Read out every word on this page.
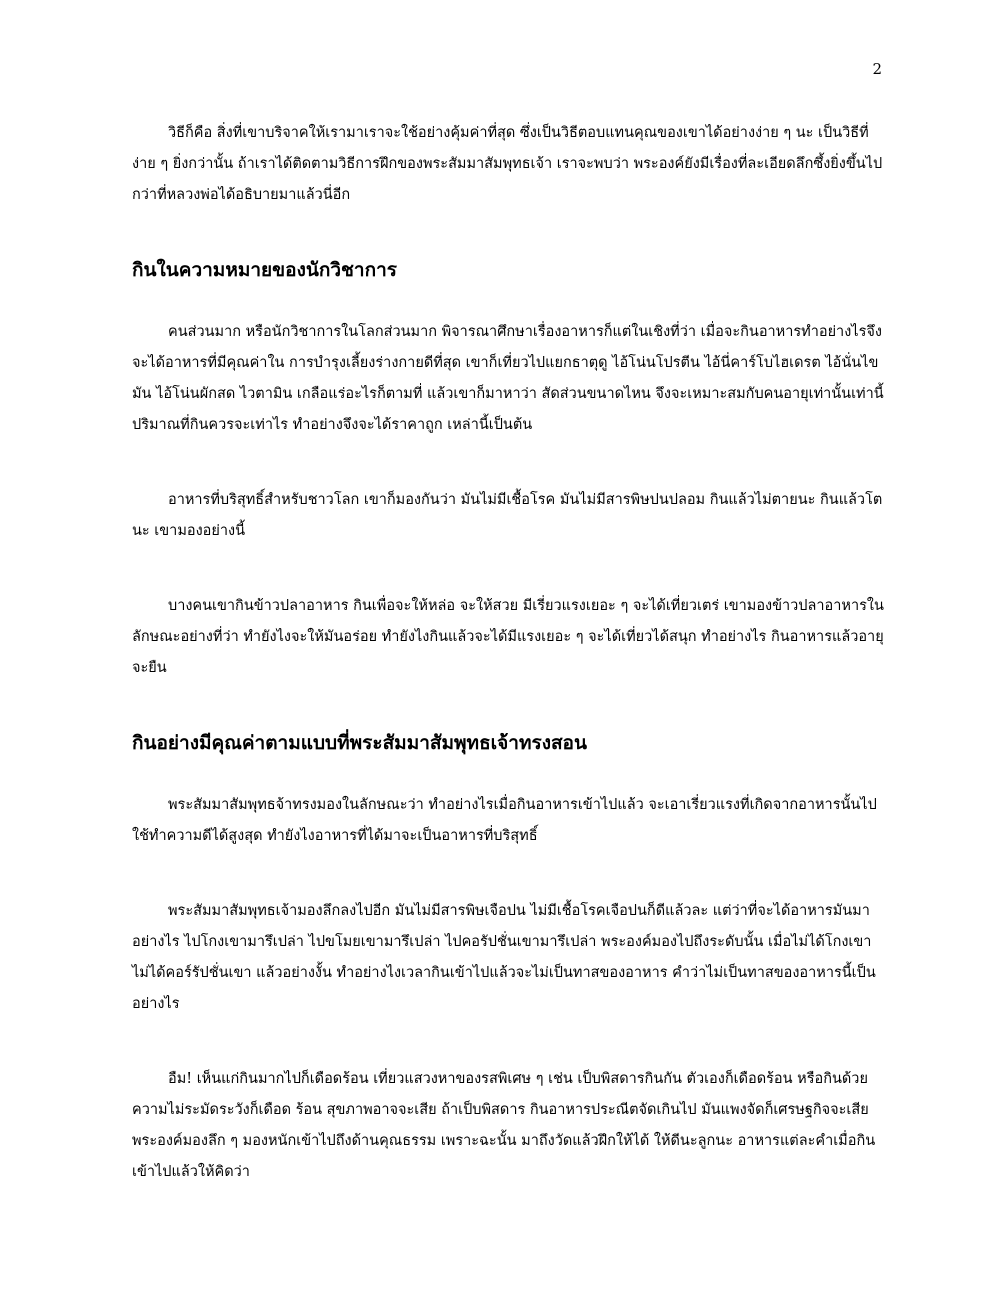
2

วิธีก็คือ สิ่งที่เขาบริจาคให้เรามาเราจะใช้อย่างคุ้มค่าที่สุด ซึ่งเป็นวิธีตอบแทนคุณของเขาได้อย่างง่าย ๆ นะ เป็นวิธีที่ง่าย ๆ ยิ่งกว่านั้น ถ้าเราได้ติดตามวิธีการฝึกของพระสัมมาสัมพุทธเจ้า เราจะพบว่า พระองค์ยังมีเรื่องที่ละเอียดลึกซึ้งยิ่งขึ้นไปกว่าที่หลวงพ่อได้อธิบายมาแล้วนี่อีก

กินในความหมายของนักวิชาการ

คนส่วนมาก หรือนักวิชาการในโลกส่วนมาก พิจารณาศึกษาเรื่องอาหารก็แต่ในเชิงที่ว่า เมื่อจะกินอาหารทำอย่างไรจึงจะได้อาหารที่มีคุณค่าใน การบำรุงเลี้ยงร่างกายดีที่สุด เขาก็เที่ยวไปแยกธาตุดู ไอ้โน่นโปรตีน ไอ้นี่คาร์โบไฮเดรต ไอ้นั่นไขมัน ไอ้โน่นผักสด ไวตามิน เกลือแร่อะไรก็ตามที่ แล้วเขาก็มาหาว่า สัดส่วนขนาดไหน จึงจะเหมาะสมกับคนอายุเท่านั้นเท่านี้ ปริมาณที่กินควรจะเท่าไร ทำอย่างจึงจะได้ราคาถูก เหล่านี้เป็นต้น

อาหารที่บริสุทธิ์สำหรับชาวโลก เขาก็มองกันว่า มันไม่มีเชื้อโรค มันไม่มีสารพิษปนปลอม กินแล้วไม่ตายนะ กินแล้วโตนะ เขามองอย่างนี้

บางคนเขากินข้าวปลาอาหาร กินเพื่อจะให้หล่อ จะให้สวย มีเรี่ยวแรงเยอะ ๆ จะได้เที่ยวเตร่ เขามองข้าวปลาอาหารในลักษณะอย่างที่ว่า ทำยังไงจะให้มันอร่อย ทำยังไงกินแล้วจะได้มีแรงเยอะ ๆ จะได้เที่ยวได้สนุก ทำอย่างไร กินอาหารแล้วอายุจะยืน

กินอย่างมีคุณค่าตามแบบที่พระสัมมาสัมพุทธเจ้าทรงสอน

พระสัมมาสัมพุทธจ้าทรงมองในลักษณะว่า ทำอย่างไรเมื่อกินอาหารเข้าไปแล้ว จะเอาเรี่ยวแรงที่เกิดจากอาหารนั้นไปใช้ทำความดีได้สูงสุด ทำยังไงอาหารที่ได้มาจะเป็นอาหารที่บริสุทธิ์

พระสัมมาสัมพุทธเจ้ามองลึกลงไปอีก มันไม่มีสารพิษเจือปน ไม่มีเชื้อโรคเจือปนก็ดีแล้วละ แต่ว่าที่จะได้อาหารมันมาอย่างไร ไปโกงเขามารึเปล่า ไปขโมยเขามารึเปล่า ไปคอรัปชั่นเขามารึเปล่า พระองค์มองไปถึงระดับนั้น เมื่อไม่ได้โกงเขา ไม่ได้คอร์รัปชั่นเขา แล้วอย่างงั้น ทำอย่างไงเวลากินเข้าไปแล้วจะไม่เป็นทาสของอาหาร คำว่าไม่เป็นทาสของอาหารนี้เป็นอย่างไร

อืม! เห็นแก่กินมากไปก็เดือดร้อน เที่ยวแสวงหาของรสพิเศษ ๆ เช่น เป็บพิสดารกินกัน ตัวเองก็เดือดร้อน หรือกินด้วยความไม่ระมัดระวังก็เดือด ร้อน สุขภาพอาจจะเสีย ถ้าเป็บพิสดาร กินอาหารประณีตจัดเกินไป มันแพงจัดก็เศรษฐกิจจะเสีย พระองค์มองลึก ๆ มองหนักเข้าไปถึงด้านคุณธรรม เพราะฉะนั้น มาถึงวัดแล้วฝึกให้ได้ ให้ดีนะลูกนะ อาหารแต่ละคำเมื่อกินเข้าไปแล้วให้คิดว่า
